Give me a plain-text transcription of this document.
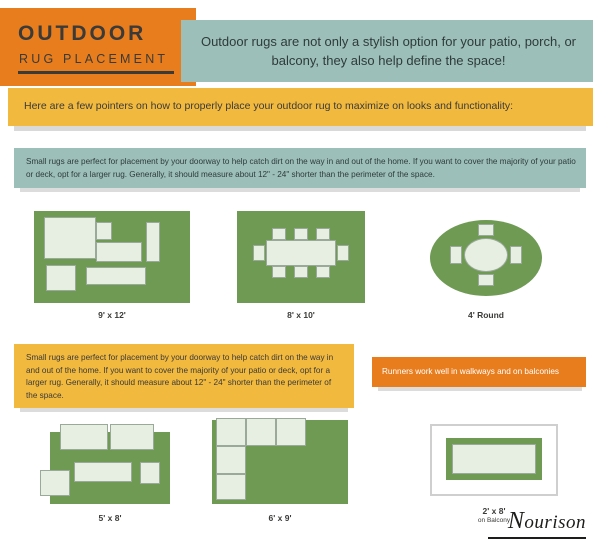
OUTDOOR
RUG PLACEMENT
Outdoor rugs are not only a stylish option for your patio, porch, or balcony, they also help define the space!
Here are a few pointers on how to properly place your outdoor rug to maximize on looks and functionality:
Small rugs are perfect for placement by your doorway to help catch dirt on the way in and out of the home. If you want to cover the majority of your patio or deck, opt for a larger rug. Generally, it should measure about 12" - 24" shorter than the perimeter of the space.
9' x 12'	8' x 10'	4' Round
Small rugs are perfect for placement by your doorway to help catch dirt on the way in and out of the home. If you want to cover the majority of your patio or deck, opt for a larger rug. Generally, it should measure about 12" - 24" shorter than the perimeter of the space.
Runners work well in walkways and on balconies
5' x 8'	6' x 9'
2' x 8'
on Balcony
Nourison
